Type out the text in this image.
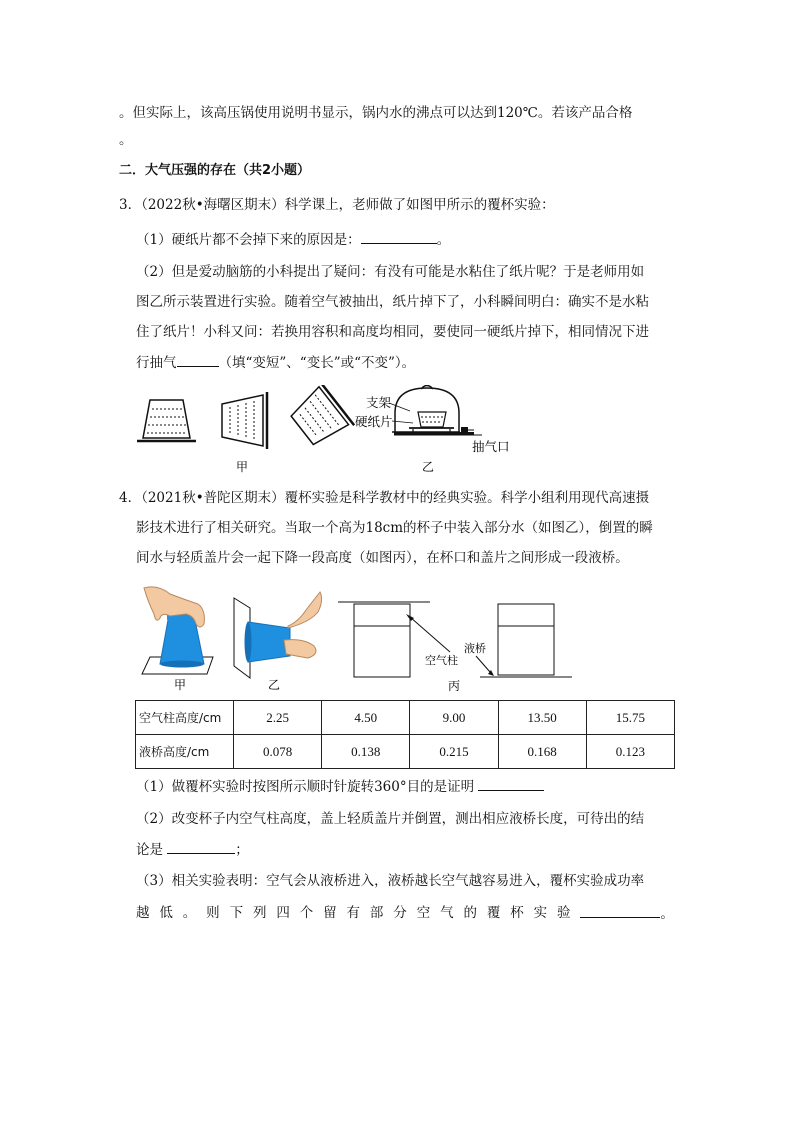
。但实际上，该高压锅使用说明书显示，锅内水的沸点可以达到120℃。若该产品合格
。
二．大气压强的存在（共2小题）
3．（2022秋•海曙区期末）科学课上，老师做了如图甲所示的覆杯实验：
（1）硬纸片都不会掉下来的原因是：	。
（2）但是爱动脑筋的小科提出了疑问：有没有可能是水粘住了纸片呢？于是老师用如
图乙所示装置进行实验。随着空气被抽出，纸片掉下了，小科瞬间明白：确实不是水粘
住了纸片！小科又问：若换用容积和高度均相同，要使同一硬纸片掉下，相同情况下进
行抽气	（填“变短”、“变长”或“不变”）。
甲
支架
硬纸片
抽气口
乙
4．（2021秋•普陀区期末）覆杯实验是科学教材中的经典实验。科学小组利用现代高速摄
影技术进行了相关研究。当取一个高为18cm的杯子中装入部分水（如图乙），倒置的瞬
间水与轻质盖片会一起下降一段高度（如图丙），在杯口和盖片之间形成一段液桥。
甲	乙
空气柱
丙
液桥
空气柱高度/cm	2.25	4.50	9.00	13.50	15.75
液桥高度/cm	0.078	0.138	0.215	0.168	0.123
（1）做覆杯实验时按图所示顺时针旋转360°目的是证明
（2）改变杯子内空气柱高度，盖上轻质盖片并倒置，测出相应液桥长度，可待出的结
论是	；
（3）相关实验表明：空气会从液桥进入，液桥越长空气越容易进入，覆杯实验成功率
越 低 。 则 下 列 四 个 留 有 部 分 空 气 的 覆 杯 实 验	。
